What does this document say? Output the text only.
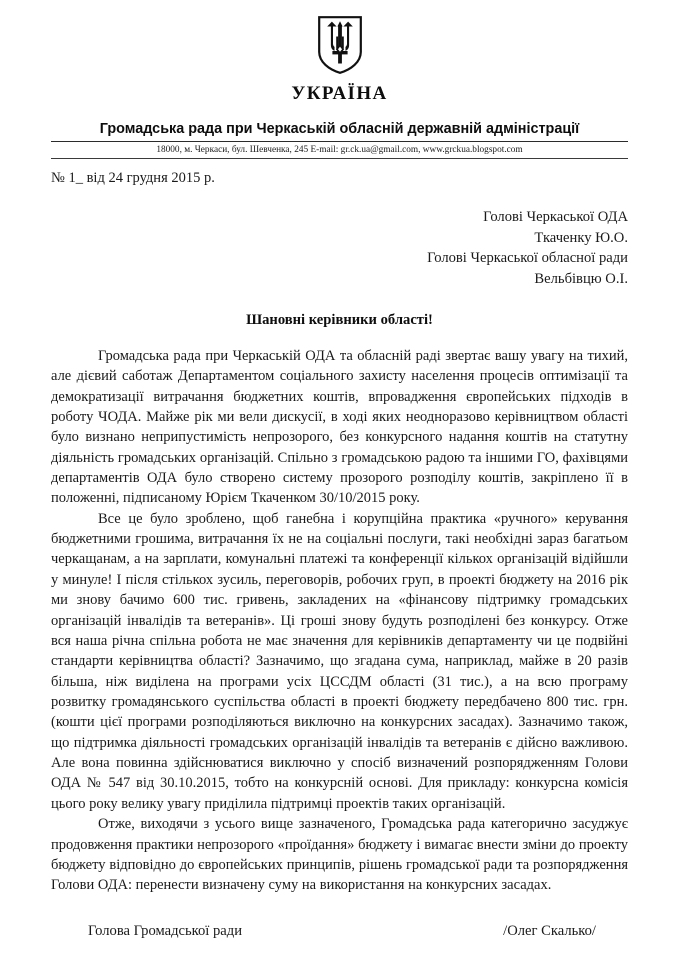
УКРАЇНА
Громадська рада при Черкаській обласній державній адміністрації
18000, м. Черкаси, бул. Шевченка, 245 E-mail: gr.ck.ua@gmail.com, www.grckua.blogspot.com
№ 1_ від 24 грудня 2015 р.
Голові Черкаської ОДА
Ткаченку Ю.О.
Голові Черкаської обласної ради
Вельбівцю О.І.
Шановні керівники області!

Громадська рада при Черкаській ОДА та обласній раді звертає вашу увагу на тихий, але дієвий саботаж Департаментом соціального захисту населення процесів оптимізації та демократизації витрачання бюджетних коштів, впровадження європейських підходів в роботу ЧОДА. Майже рік ми вели дискусії, в ході яких неодноразово керівництвом області було визнано неприпустимість непрозорого, без конкурсного надання коштів на статутну діяльність громадських організацій. Спільно з громадською радою та іншими ГО, фахівцями департаментів ОДА було створено систему прозорого розподілу коштів, закріплено її в положенні, підписаному Юрієм Ткаченком 30/10/2015 року.

Все це було зроблено, щоб ганебна і корупційна практика «ручного» керування бюджетними грошима, витрачання їх не на соціальні послуги, такі необхідні зараз багатьом черкащанам, а на зарплати, комунальні платежі та конференції кількох організацій відійшли у минуле! І після стількох зусиль, переговорів, робочих груп, в проекті бюджету на 2016 рік ми знову бачимо 600 тис. гривень, закладених на «фінансову підтримку громадських організацій інвалідів та ветеранів». Ці гроші знову будуть розподілені без конкурсу. Отже вся наша річна спільна робота не має значення для керівників департаменту чи це подвійні стандарти керівництва області? Зазначимо, що згадана сума, наприклад, майже в 20 разів більша, ніж виділена на програми усіх ЦССДМ області (31 тис.), а на всю програму розвитку громадянського суспільства області в проекті бюджету передбачено 800 тис. грн. (кошти цієї програми розподіляються виключно на конкурсних засадах). Зазначимо також, що підтримка діяльності громадських організацій інвалідів та ветеранів є дійсно важливою. Але вона повинна здійснюватися виключно у спосіб визначений розпорядженням Голови ОДА № 547 від 30.10.2015, тобто на конкурсній основі. Для прикладу: конкурсна комісія цього року велику увагу приділила підтримці проектів таких організацій.

Отже, виходячи з усього вище зазначеного, Громадська рада категорично засуджує продовження практики непрозорого «проїдання» бюджету і вимагає внести зміни до проекту бюджету відповідно до європейських принципів, рішень громадської ради та розпорядження Голови ОДА: перенести визначену суму на використання на конкурсних засадах.

Голова Громадської ради	/Олег Скалько/
